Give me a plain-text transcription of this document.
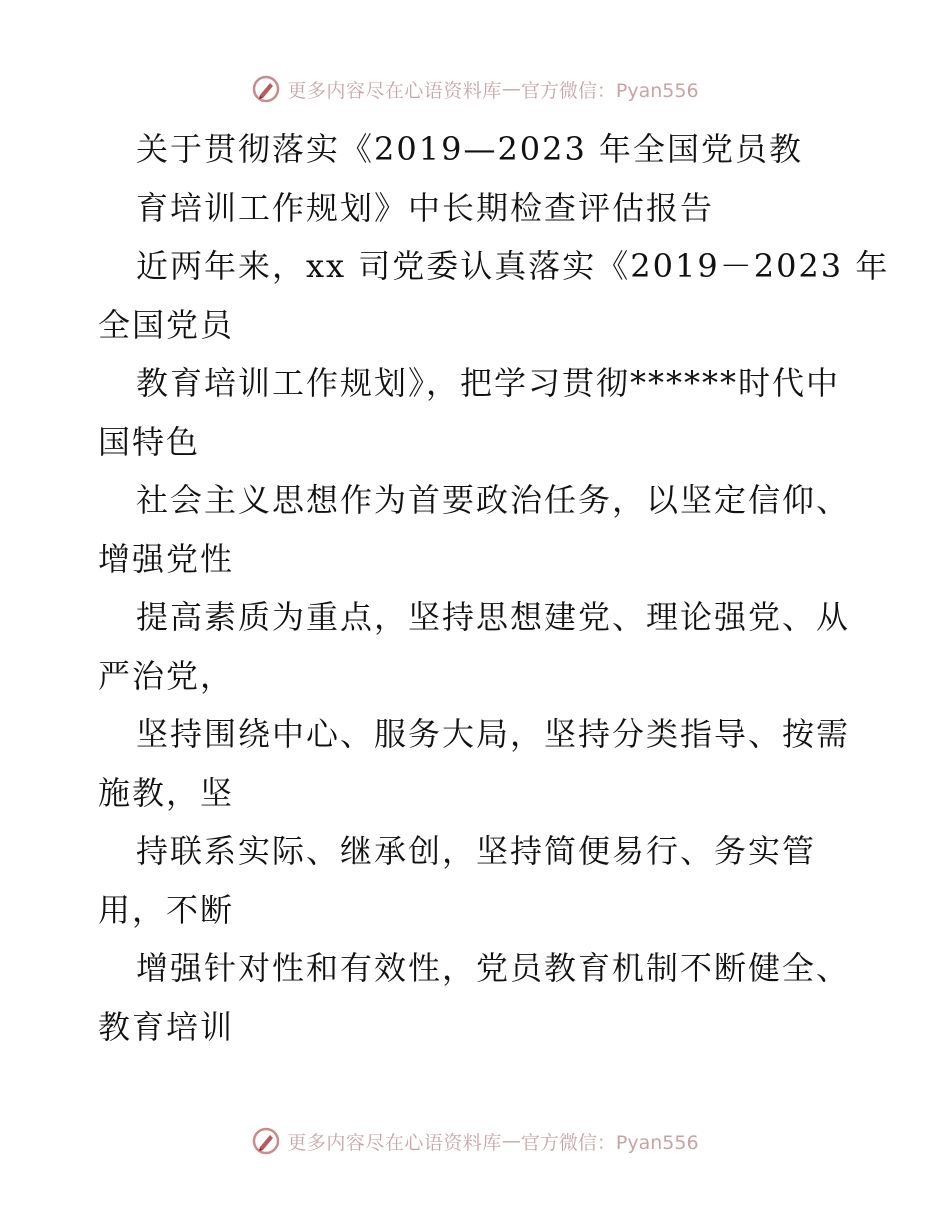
更多内容尽在心语资料库 — 官方微信：Pyan556
关于贯彻落实《2019—2023 年全国党员教
育培训工作规划》中长期检查评估报告
近两年来，xx 司党委认真落实《2019－2023 年
全国党员
教育培训工作规划》，把学习贯彻******时代中
国特色
社会主义思想作为首要政治任务，以坚定信仰、
增强党性
提高素质为重点，坚持思想建党、理论强党、从
严治党，
坚持围绕中心、服务大局，坚持分类指导、按需
施教，坚
持联系实际、继承创，坚持简便易行、务实管
用，不断
增强针对性和有效性，党员教育机制不断健全、
教育培训
更多内容尽在心语资料库 — 官方微信：Pyan556
